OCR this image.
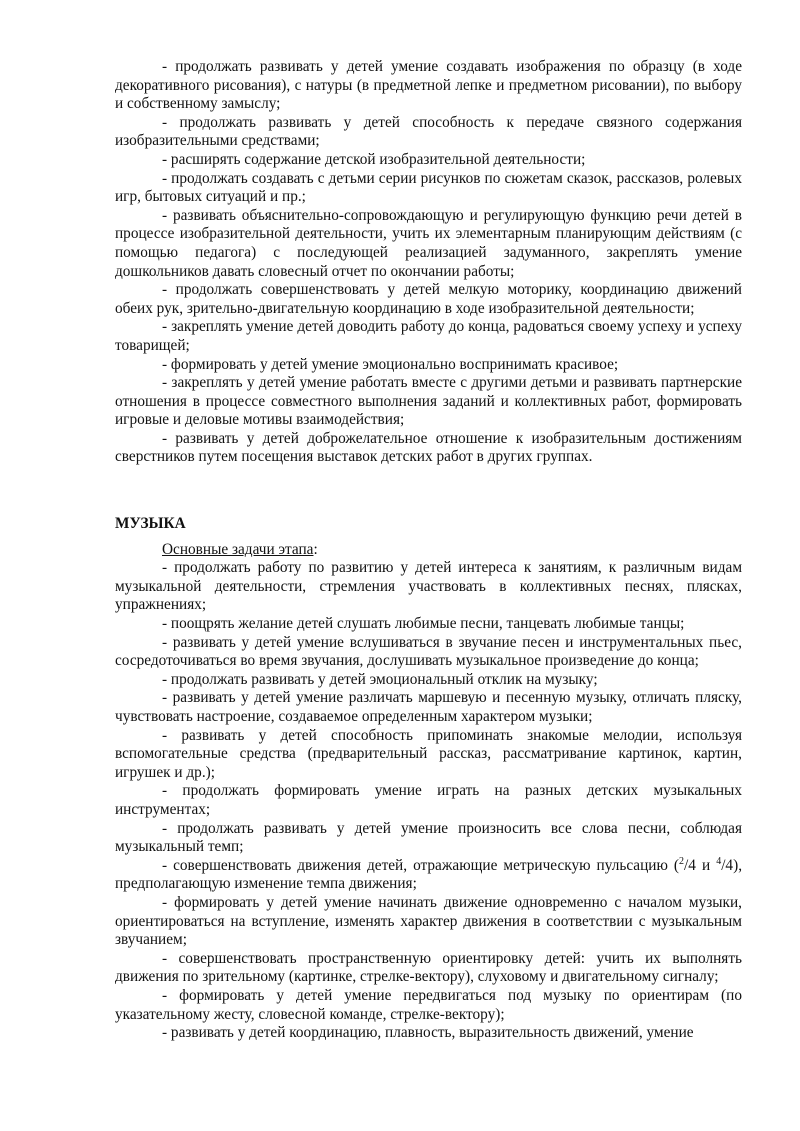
- продолжать развивать у детей умение создавать изображения по образцу (в ходе декоративного рисования), с натуры (в предметной лепке и предметном рисовании), по выбору и собственному замыслу;

- продолжать развивать у детей способность к передаче связного содержания изобразительными средствами;

- расширять содержание детской изобразительной деятельности;

- продолжать создавать с детьми серии рисунков по сюжетам сказок, рассказов, ролевых игр, бытовых ситуаций и пр.;

- развивать объяснительно-сопровождающую и регулирующую функцию речи детей в процессе изобразительной деятельности, учить их элементарным планирующим действиям (с помощью педагога) с последующей реализацией задуманного, закреплять умение дошкольников давать словесный отчет по окончании работы;

- продолжать совершенствовать у детей мелкую моторику, координацию движений обеих рук, зрительно-двигательную координацию в ходе изобразительной деятельности;

- закреплять умение детей доводить работу до конца, радоваться своему успеху и успеху товарищей;

- формировать у детей умение эмоционально воспринимать красивое;

- закреплять у детей умение работать вместе с другими детьми и развивать партнерские отношения в процессе совместного выполнения заданий и коллективных работ, формировать игровые и деловые мотивы взаимодействия;

- развивать у детей доброжелательное отношение к изобразительным достижениям сверстников путем посещения выставок детских работ в других группах.

МУЗЫКА

Основные задачи этапа:

- продолжать работу по развитию у детей интереса к занятиям, к различным видам музыкальной деятельности, стремления участвовать в коллективных песнях, плясках, упражнениях;

- поощрять желание детей слушать любимые песни, танцевать любимые танцы;

- развивать у детей умение вслушиваться в звучание песен и инструментальных пьес, сосредоточиваться во время звучания, дослушивать музыкальное произведение до конца;

- продолжать развивать у детей эмоциональный отклик на музыку;

- развивать у детей умение различать маршевую и песенную музыку, отличать пляску, чувствовать настроение, создаваемое определенным характером музыки;

- развивать у детей способность припоминать знакомые мелодии, используя вспомогательные средства (предварительный рассказ, рассматривание картинок, картин, игрушек и др.);

- продолжать формировать умение играть на разных детских музыкальных инструментах;

- продолжать развивать у детей умение произносить все слова песни, соблюдая музыкальный темп;

- совершенствовать движения детей, отражающие метрическую пульсацию ($^2$/4 и $^4$/4), предполагающую изменение темпа движения;

- формировать у детей умение начинать движение одновременно с началом музыки, ориентироваться на вступление, изменять характер движения в соответствии с музыкальным звучанием;

- совершенствовать пространственную ориентировку детей: учить их выполнять движения по зрительному (картинке, стрелке-вектору), слуховому и двигательному сигналу;

- формировать у детей умение передвигаться под музыку по ориентирам (по указательному жесту, словесной команде, стрелке-вектору);

- развивать у детей координацию, плавность, выразительность движений, умение
